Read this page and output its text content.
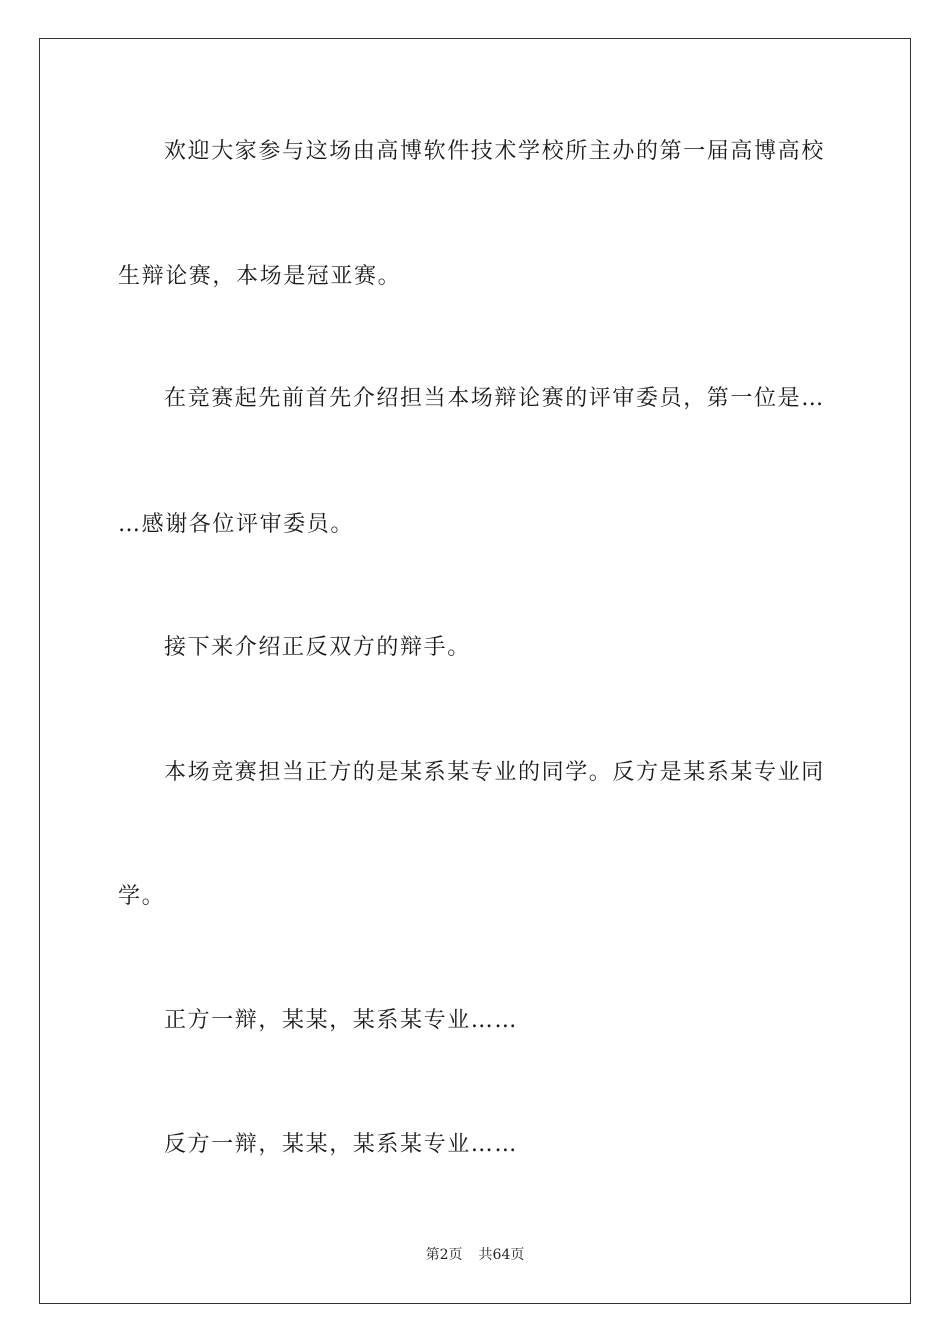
欢迎大家参与这场由高博软件技术学校所主办的第一届高博高校
生辩论赛，本场是冠亚赛。
在竞赛起先前首先介绍担当本场辩论赛的评审委员，第一位是…
…感谢各位评审委员。
接下来介绍正反双方的辩手。
本场竞赛担当正方的是某系某专业的同学。反方是某系某专业同
学。
正方一辩，某某，某系某专业……
反方一辩，某某，某系某专业……
第2页 共64页
